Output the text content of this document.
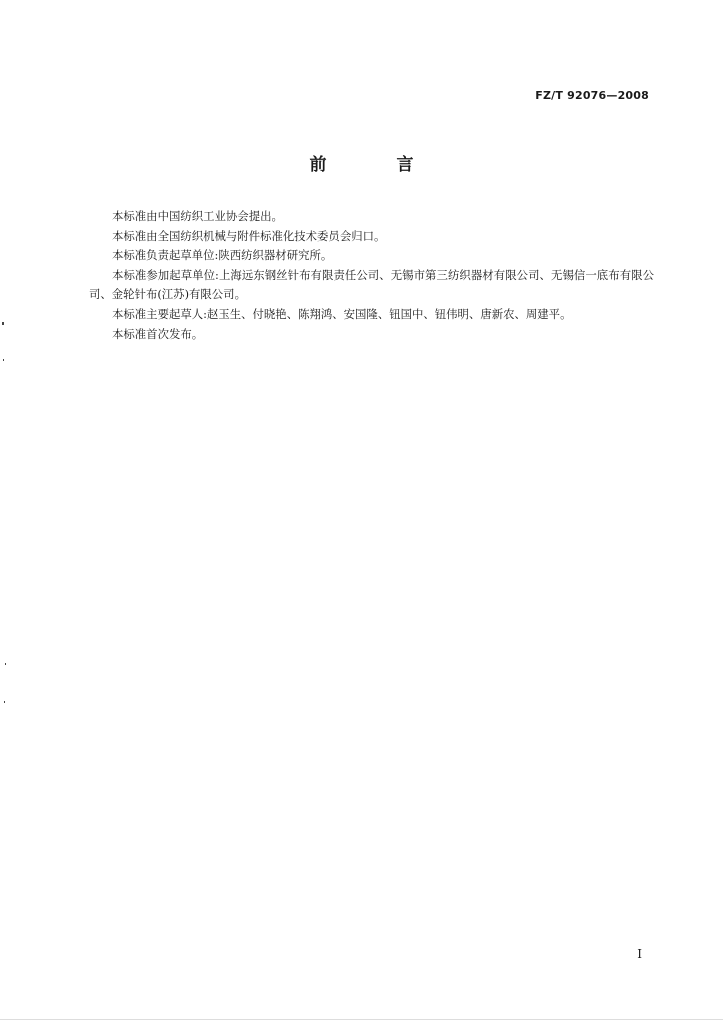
FZ/T 92076—2008
前 言

本标准由中国纺织工业协会提出。

本标准由全国纺织机械与附件标准化技术委员会归口。

本标准负责起草单位:陕西纺织器材研究所。

本标准参加起草单位:上海远东钢丝针布有限责任公司、无锡市第三纺织器材有限公司、无锡信一底布有限公司、金轮针布(江苏)有限公司。

本标准主要起草人:赵玉生、付晓艳、陈翔鸿、安国隆、钮国中、钮伟明、唐新农、周建平。

本标准首次发布。

I
